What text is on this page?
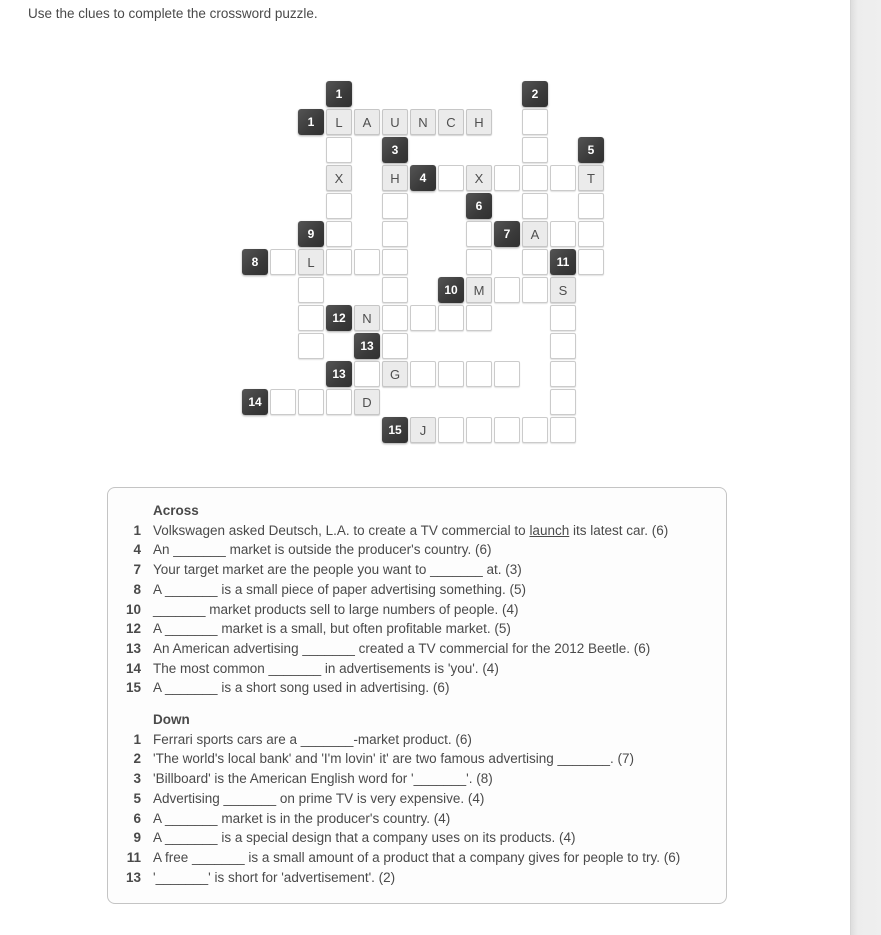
Use the clues to complete the crossword puzzle.
1	2
1	L	A	U	N	C	H
3	5
X	H	4	X	T
6
9	7	A
8	L	11
10	M	S
12	N
13
13	G
14	D
15	J
Across
1 Volkswagen asked Deutsch, L.A. to create a TV commercial to launch its latest car. (6)
4 An _______ market is outside the producer's country. (6)
7 Your target market are the people you want to _______ at. (3)
8 A _______ is a small piece of paper advertising something. (5)
10 _______ market products sell to large numbers of people. (4)
12 A _______ market is a small, but often profitable market. (5)
13 An American advertising _______ created a TV commercial for the 2012 Beetle. (6)
14 The most common _______ in advertisements is 'you'. (4)
15 A _______ is a short song used in advertising. (6)
Down
1 Ferrari sports cars are a _______-market product. (6)
2 'The world's local bank' and 'I'm lovin' it' are two famous advertising _______. (7)
3 'Billboard' is the American English word for '_______'. (8)
5 Advertising _______ on prime TV is very expensive. (4)
6 A _______ market is in the producer's country. (4)
9 A _______ is a special design that a company uses on its products. (4)
11 A free _______ is a small amount of a product that a company gives for people to try. (6)
13 '_______' is short for 'advertisement'. (2)
